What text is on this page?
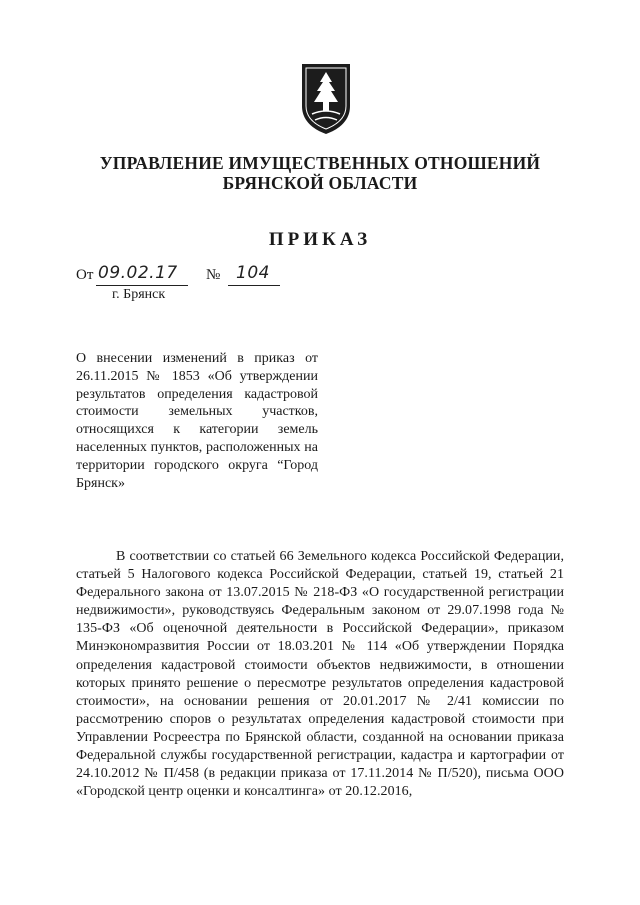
УПРАВЛЕНИЕ ИМУЩЕСТВЕННЫХ ОТНОШЕНИЙ
БРЯНСКОЙ ОБЛАСТИ
ПРИКАЗ
От 09.02.17 № 104
г. Брянск
О внесении изменений в приказ от 26.11.2015 № 1853 «Об утверждении результатов определения кадастровой стоимости земельных участков, относящихся к категории земель населенных пунктов, расположенных на территории городского округа “Город Брянск»
В соответствии со статьей 66 Земельного кодекса Российской Федерации, статьей 5 Налогового кодекса Российской Федерации, статьей 19, статьей 21 Федерального закона от 13.07.2015 № 218-ФЗ «О государственной регистрации недвижимости», руководствуясь Федеральным законом от 29.07.1998 года № 135-ФЗ «Об оценочной деятельности в Российской Федерации», приказом Минэкономразвития России от 18.03.201 № 114 «Об утверждении Порядка определения кадастровой стоимости объектов недвижимости, в отношении которых принято решение о пересмотре результатов определения кадастровой стоимости», на основании решения от 20.01.2017 № 2/41 комиссии по рассмотрению споров о результатах определения кадастровой стоимости при Управлении Росреестра по Брянской области, созданной на основании приказа Федеральной службы государственной регистрации, кадастра и картографии от 24.10.2012 № П/458 (в редакции приказа от 17.11.2014 № П/520), письма ООО «Городской центр оценки и консалтинга» от 20.12.2016,
